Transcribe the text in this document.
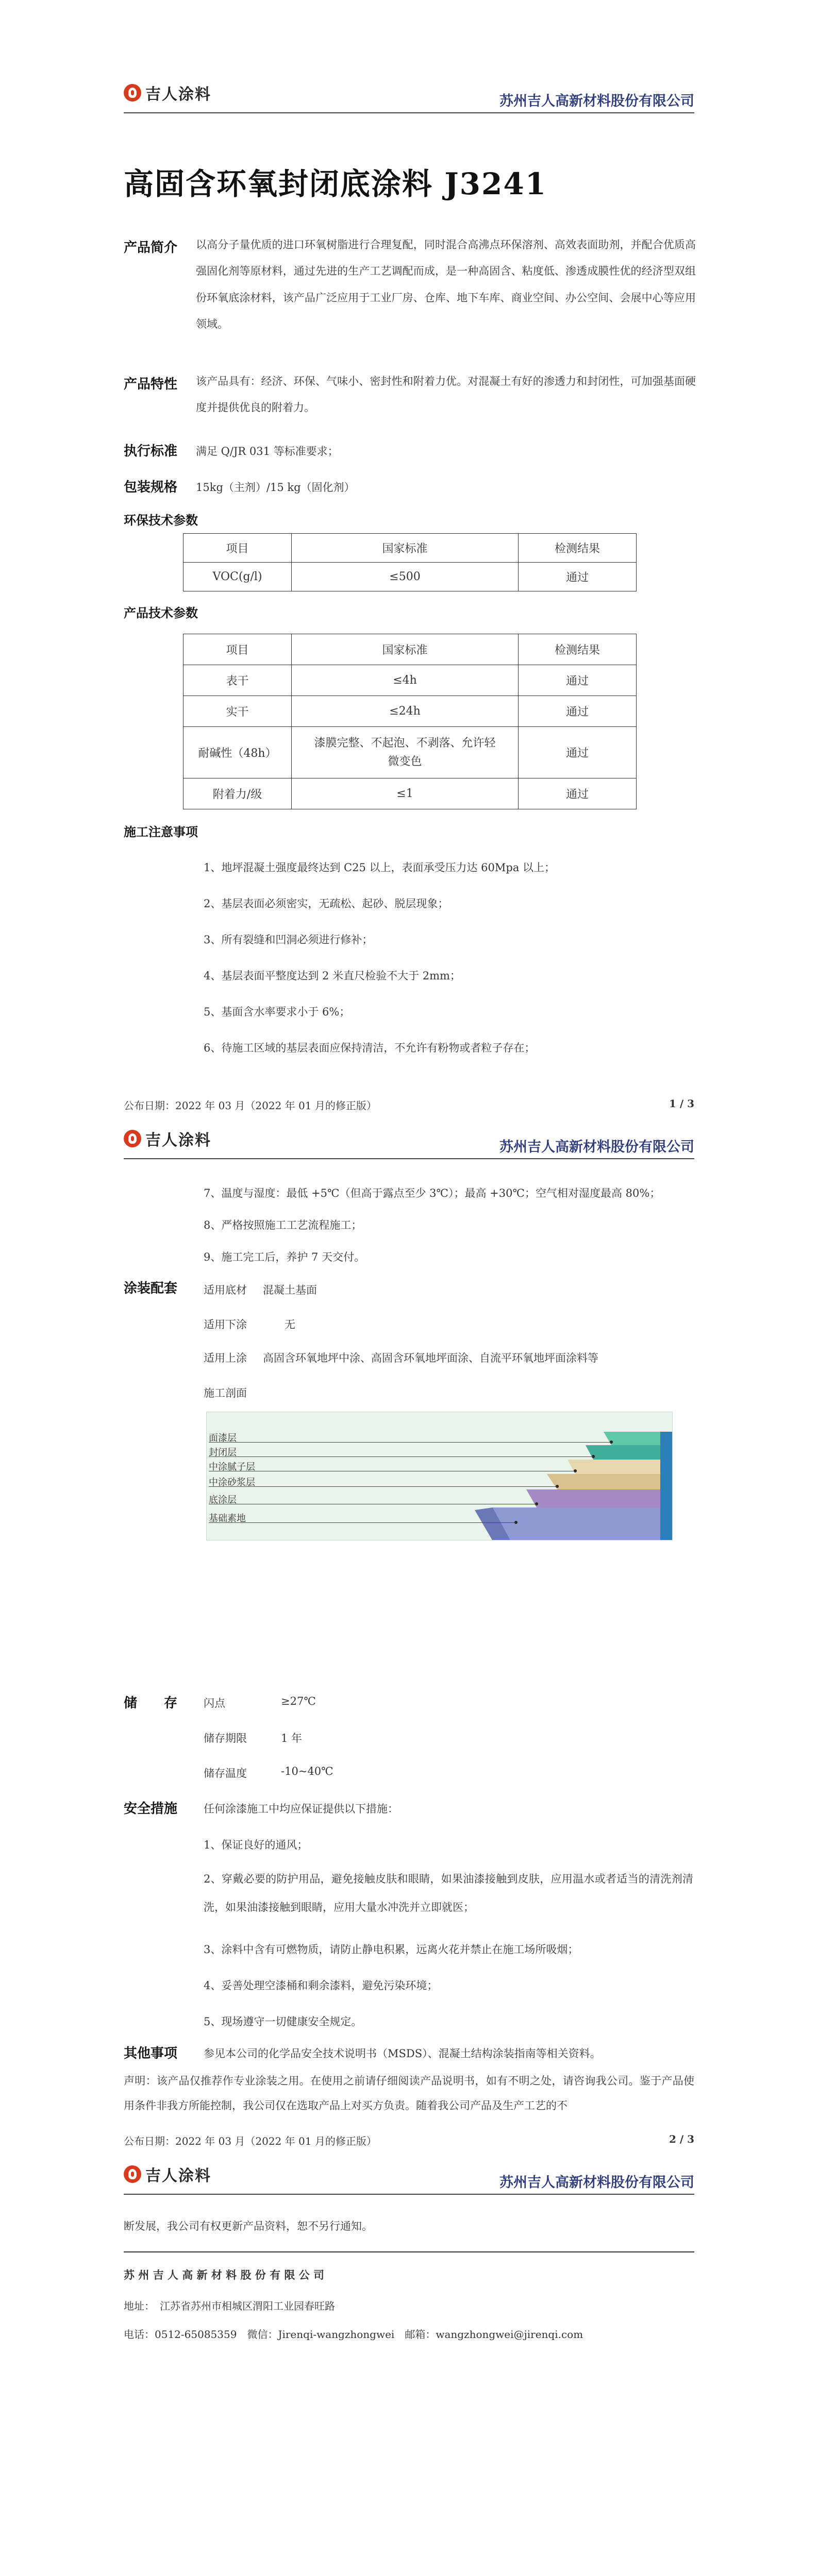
吉人涂料	苏州吉人高新材料股份有限公司
高固含环氧封闭底涂料 J3241
产品简介 以高分子量优质的进口环氧树脂进行合理复配，同时混合高沸点环保溶剂、高效表面助剂，并配合优质高强固化剂等原材料，通过先进的生产工艺调配而成，是一种高固含、粘度低、渗透成膜性优的经济型双组份环氧底涂材料，该产品广泛应用于工业厂房、仓库、地下车库、商业空间、办公空间、会展中心等应用领域。
产品特性 该产品具有：经济、环保、气味小、密封性和附着力优。对混凝土有好的渗透力和封闭性，可加强基面硬度并提供优良的附着力。
执行标准 满足 Q/JR 031 等标准要求；
包装规格 15kg（主剂）/15 kg（固化剂）
环保技术参数
项目	国家标准	检测结果
VOC(g/l)	≤500	通过
产品技术参数
项目	国家标准	检测结果
表干	≤4h	通过
实干	≤24h	通过
耐碱性（48h）	漆膜完整、不起泡、不剥落、允许轻微变色	通过
附着力/级	≤1	通过
施工注意事项
1、地坪混凝土强度最终达到 C25 以上，表面承受压力达 60Mpa 以上；
2、基层表面必须密实，无疏松、起砂、脱层现象；
3、所有裂缝和凹洞必须进行修补；
4、基层表面平整度达到 2 米直尺检验不大于 2mm；
5、基面含水率要求小于 6%；
6、待施工区域的基层表面应保持清洁，不允许有粉物或者粒子存在；
公布日期：2022 年 03 月（2022 年 01 月的修正版）	1 / 3
吉人涂料	苏州吉人高新材料股份有限公司
7、温度与湿度：最低 +5℃（但高于露点至少 3℃）；最高 +30℃；空气相对湿度最高 80%；
8、严格按照施工工艺流程施工；
9、施工完工后，养护 7 天交付。
涂装配套 适用底材 混凝土基面
适用下涂	无
适用上涂 高固含环氧地坪中涂、高固含环氧地坪面涂、自流平环氧地坪面涂料等
施工剖面
面漆层
封闭层
中涂腻子层
中涂砂浆层
底涂层
基础素地
储　　存 闪点	≥27℃
储存期限	1 年
储存温度	-10~40℃
安全措施 任何涂漆施工中均应保证提供以下措施：
1、保证良好的通风；
2、穿戴必要的防护用品，避免接触皮肤和眼睛，如果油漆接触到皮肤，应用温水或者适当的清洗剂清洗，如果油漆接触到眼睛，应用大量水冲洗并立即就医；
3、涂料中含有可燃物质，请防止静电积累，远离火花并禁止在施工场所吸烟；
4、妥善处理空漆桶和剩余漆料，避免污染环境；
5、现场遵守一切健康安全规定。
其他事项 参见本公司的化学品安全技术说明书（MSDS）、混凝土结构涂装指南等相关资料。
声明：该产品仅推荐作专业涂装之用。在使用之前请仔细阅读产品说明书，如有不明之处，请咨询我公司。鉴于产品使用条件非我方所能控制，我公司仅在选取产品上对买方负责。随着我公司产品及生产工艺的不
公布日期：2022 年 03 月（2022 年 01 月的修正版）	2 / 3
吉人涂料	苏州吉人高新材料股份有限公司
断发展，我公司有权更新产品资料，恕不另行通知。
苏 州 吉 人 高 新 材 料 股 份 有 限 公 司
地址：　江苏省苏州市相城区渭阳工业园春旺路
电话：0512-65085359　微信：Jirenqi-wangzhongwei　邮箱：wangzhongwei@jirenqi.com
